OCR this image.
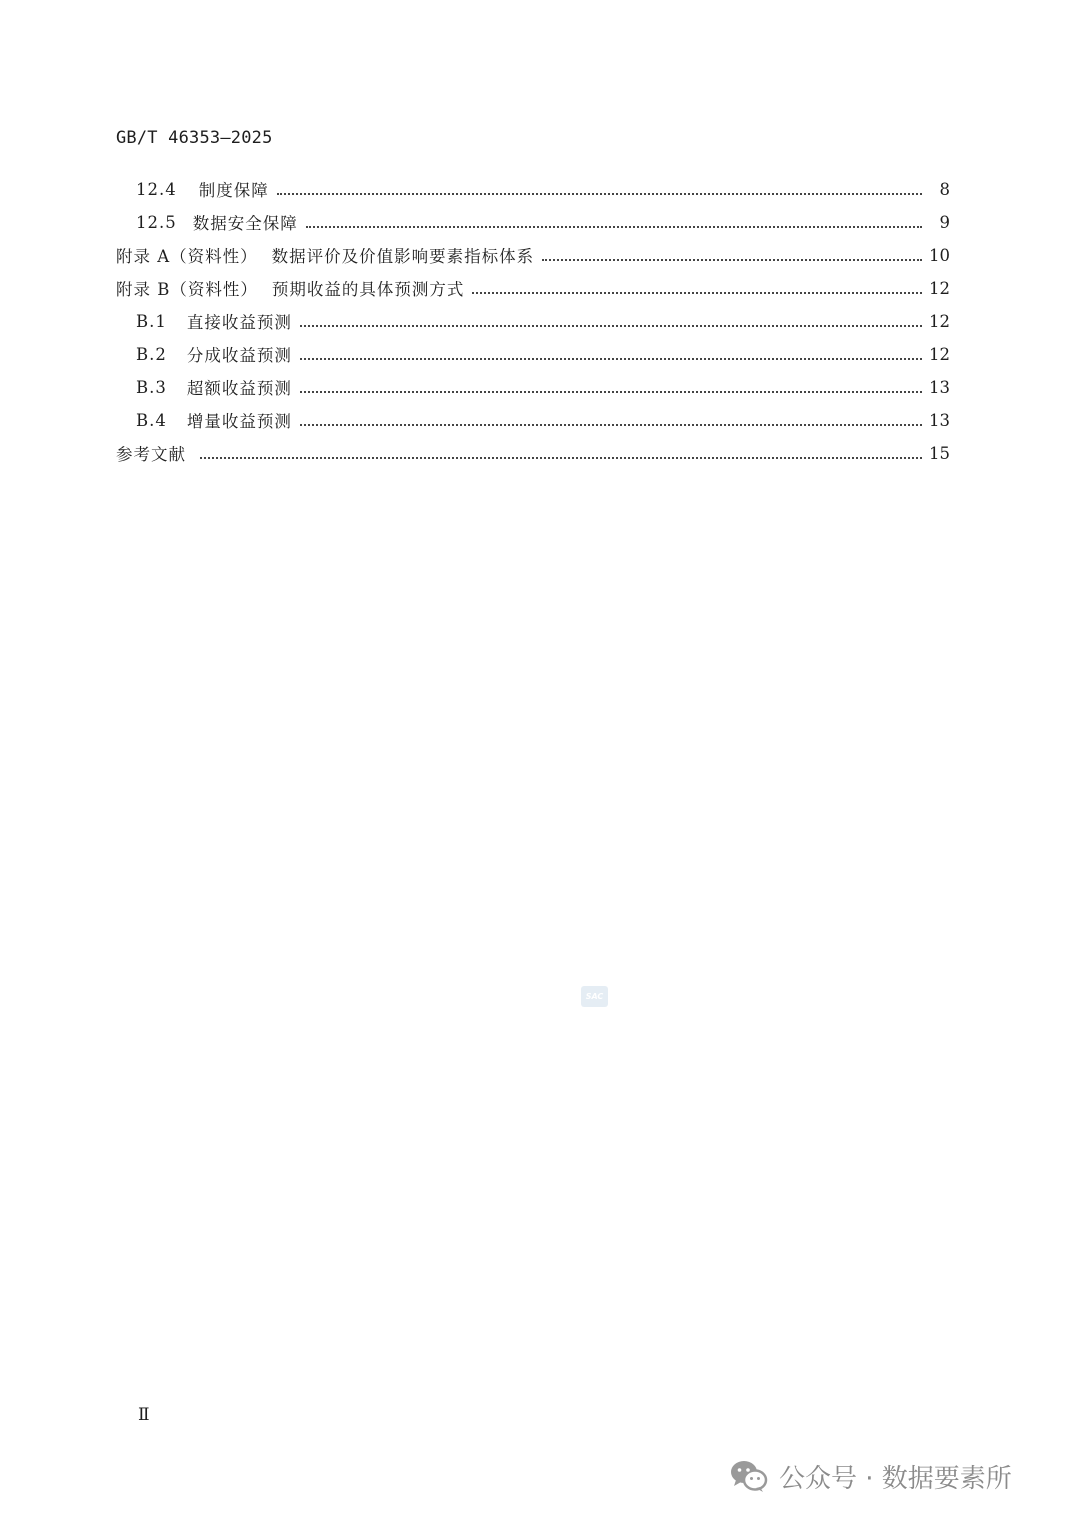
GB/T 46353—2025
12.4 制度保障	8
12.5 数据安全保障	9
附录 A（资料性） 数据评价及价值影响要素指标体系	10
附录 B（资料性） 预期收益的具体预测方式	12
B.1 直接收益预测	12
B.2 分成收益预测	12
B.3 超额收益预测	13
B.4 增量收益预测	13
参考文献	15
SAC
Ⅱ
公众号 · 数据要素所
